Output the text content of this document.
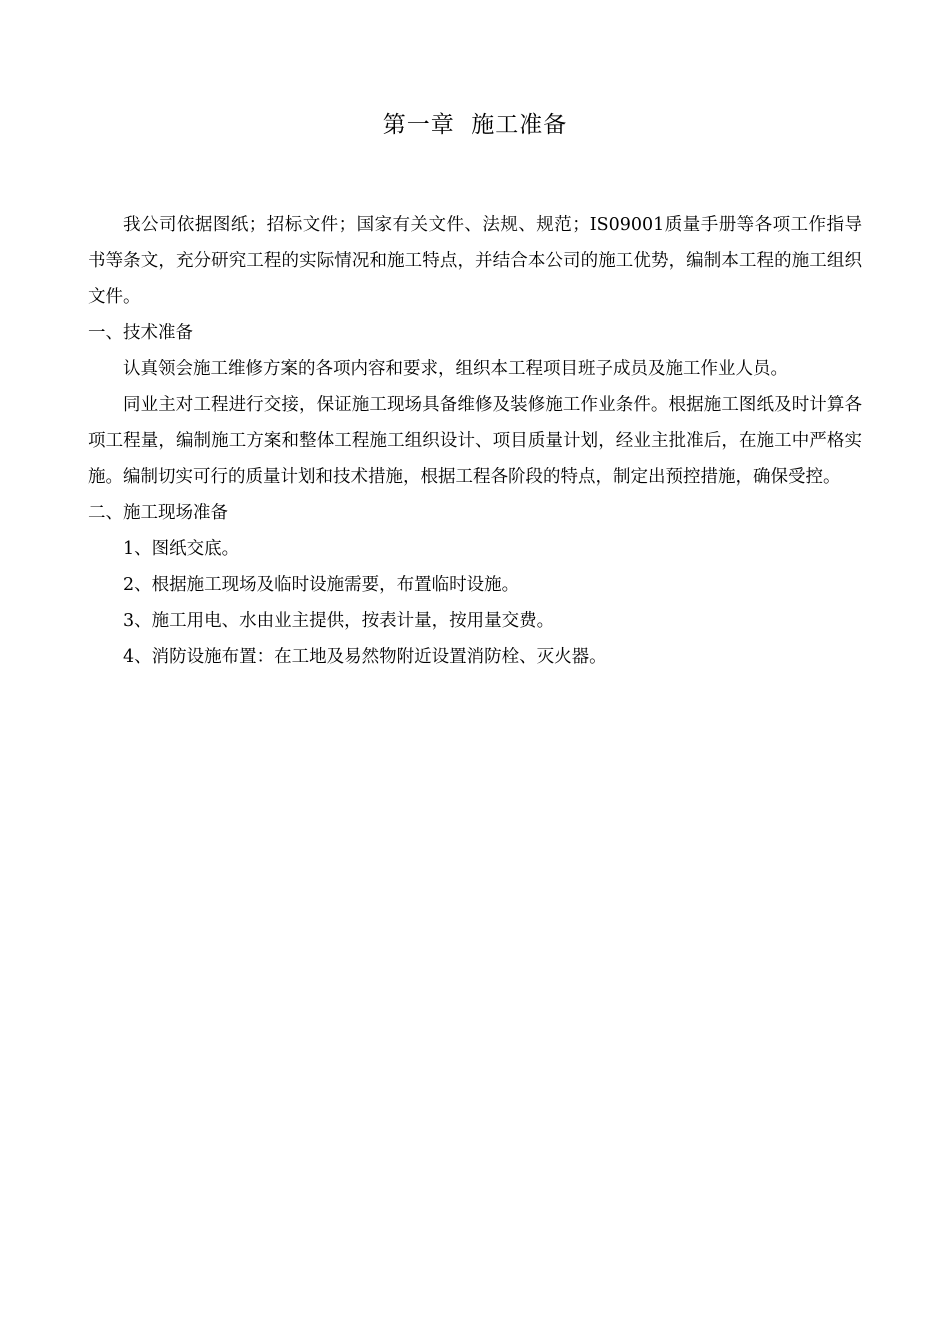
第一章  施工准备

我公司依据图纸；招标文件；国家有关文件、法规、规范；IS09001质量手册等各项工作指导书等条文，充分研究工程的实际情况和施工特点，并结合本公司的施工优势，编制本工程的施工组织文件。

一、技术准备

认真领会施工维修方案的各项内容和要求，组织本工程项目班子成员及施工作业人员。

同业主对工程进行交接，保证施工现场具备维修及装修施工作业条件。根据施工图纸及时计算各项工程量，编制施工方案和整体工程施工组织设计、项目质量计划，经业主批准后，在施工中严格实施。编制切实可行的质量计划和技术措施，根据工程各阶段的特点，制定出预控措施，确保受控。

二、施工现场准备

1、图纸交底。

2、根据施工现场及临时设施需要，布置临时设施。

3、施工用电、水由业主提供，按表计量，按用量交费。

4、消防设施布置：在工地及易然物附近设置消防栓、灭火器。
